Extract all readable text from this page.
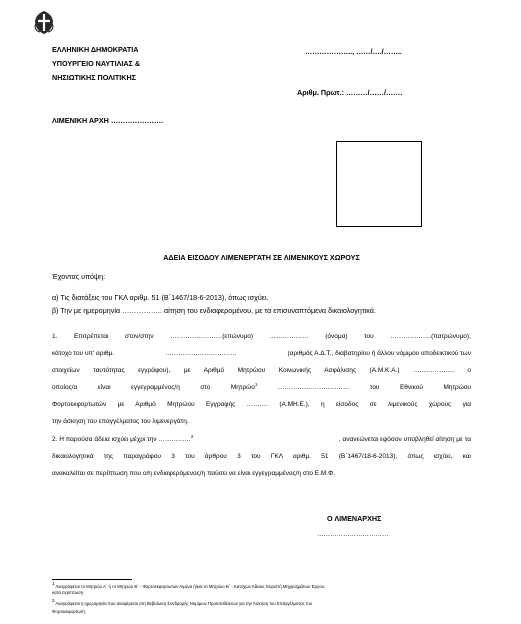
ΕΛΛΗΝΙΚΗ ΔΗΜΟΚΡΑΤΙΑ
ΥΠΟΥΡΓΕΙΟ ΝΑΥΤΙΛΙΑΣ &
ΝΗΣΙΩΤΙΚΗΣ ΠΟΛΙΤΙΚΗΣ
……………….., ……/…./……..
Αριθμ. Πρωτ.: ………/……/…….
ΛΙΜΕΝΙΚΗ ΑΡΧΗ ………………….
ΑΔΕΙΑ ΕΙΣΟΔΟΥ ΛΙΜΕΝΕΡΓΑΤΗ ΣΕ ΛΙΜΕΝΙΚΟΥΣ ΧΩΡΟΥΣ
Έχοντας υπόψη:
α) Τις διατάξεις του ΓΚΛ αριθμ. 51 (Β΄1467/18-6-2013), όπως ισχύει.
β) Την με ημερομηνία …………….. αίτηση του ενδιαφερομένου, με τα επισυναπτόμενα δικαιολογητικά.
1.	Επιτρέπεται	στον/στην	……………………(επώνυμο)	………………	(όνομα)	του	……………….(πατρώνυμο),
κάτοχο του υπ' αριθμ.	……………………………	(αριθμός Α.Δ.Τ., διαβατηρίου ή άλλου νόμιμου αποδεικτικού των
στοιχείων ταυτότητας εγγράφου), με Αριθμό Μητρώου Κοινωνικής Ασφάλισης (Α.Μ.Κ.Α.) ………………, ο
οποίος/α	είναι	εγγεγραμμένος/η	στο	Μητρώο$^1$	……………………………	του	Εθνικού	Μητρώου
Φορτοεκφορτωτών με Αριθμό Μητρώου Εγγραφής ………. (Α.ΜΗ.Ε.), η είσοδος σε λιμενικούς χώρους για
την άσκηση του επαγγέλματος του λιμενεργάτη.
2. Η παρούσα άδεια ισχύει μέχρι την ……………$^2$	, ανανεώνεται εφόσον υποβληθεί αίτηση με τα
δικαιολογητικά της παραγράφου 3 του άρθρου 3 του ΓΚΛ αριθμ. 51 (Β΄1467/18-6-2013), όπως ισχύει, και
ανακαλείται σε περίπτωση που ο/η ενδιαφερόμενος/η παύσει να είναι εγγεγραμμένος/η στο Ε.Μ.Φ.
Ο ΛΙΜΕΝΑΡΧΗΣ
……………………………
$^1$ Αναγράφεται το Μητρώο Α΄ ή το Μητρώο Β΄ - Φορτοεκφορτωτών Λιμένα ή/και το Μητρώο Β΄ - Κατόχων Άδειας Χειριστή Μηχανημάτων Έργου,
κατά περίπτωση
$^2$ Αναγράφεται η ημερομηνία που αναφέρεται στη Βεβαίωση Συνδρομής Νομίμων Προϋποθέσεων για την Άσκηση του Επαγγέλματος του
Φορτοεκφορτωτή.
